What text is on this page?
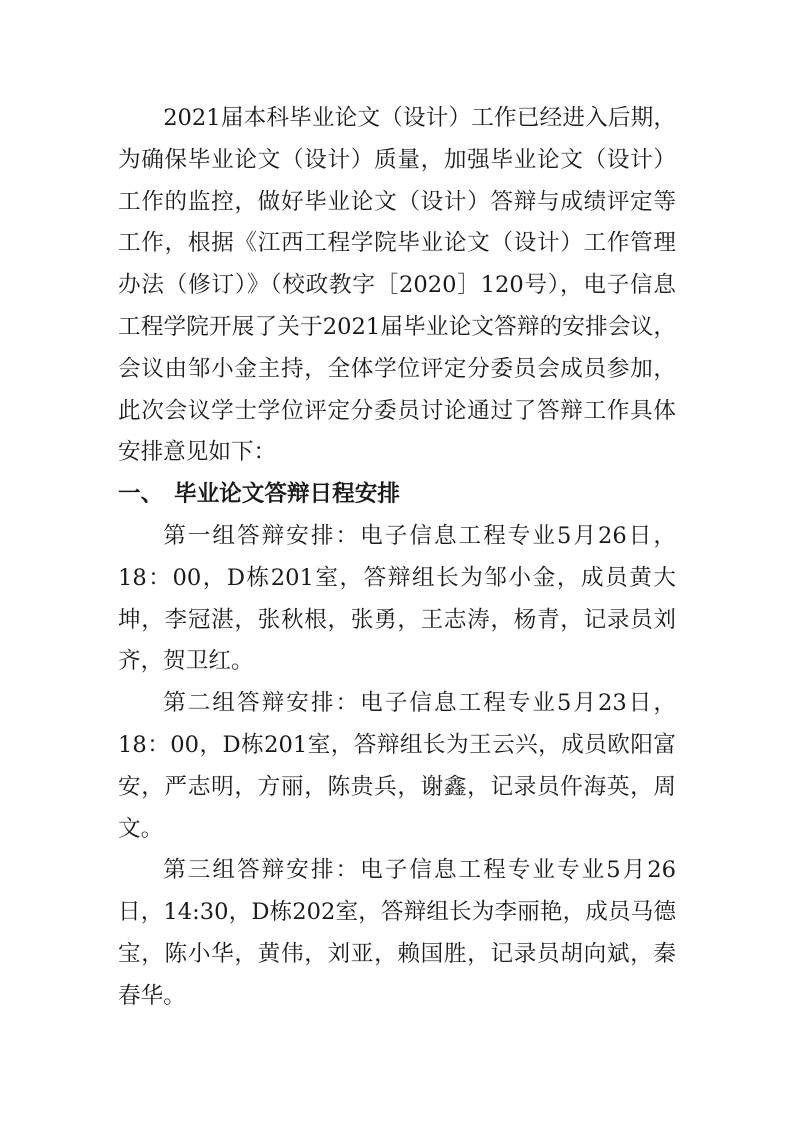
2021届本科毕业论文（设计）工作已经进入后期，为确保毕业论文（设计）质量，加强毕业论文（设计）工作的监控，做好毕业论文（设计）答辩与成绩评定等工作，根据《江西工程学院毕业论文（设计）工作管理办法（修订）》（校政教字［2020］120号），电子信息工程学院开展了关于2021届毕业论文答辩的安排会议，会议由邹小金主持，全体学位评定分委员会成员参加，此次会议学士学位评定分委员讨论通过了答辩工作具体安排意见如下：

一、 毕业论文答辩日程安排

第一组答辩安排：电子信息工程专业5月26日，18：00，D栋201室，答辩组长为邹小金，成员黄大坤，李冠湛，张秋根，张勇，王志涛，杨青，记录员刘齐，贺卫红。

第二组答辩安排：电子信息工程专业5月23日，18：00，D栋201室，答辩组长为王云兴，成员欧阳富安，严志明，方丽，陈贵兵，谢鑫，记录员仵海英，周文。

第三组答辩安排：电子信息工程专业专业5月26日，14:30，D栋202室，答辩组长为李丽艳，成员马德宝，陈小华，黄伟，刘亚，赖国胜，记录员胡向斌，秦春华。
